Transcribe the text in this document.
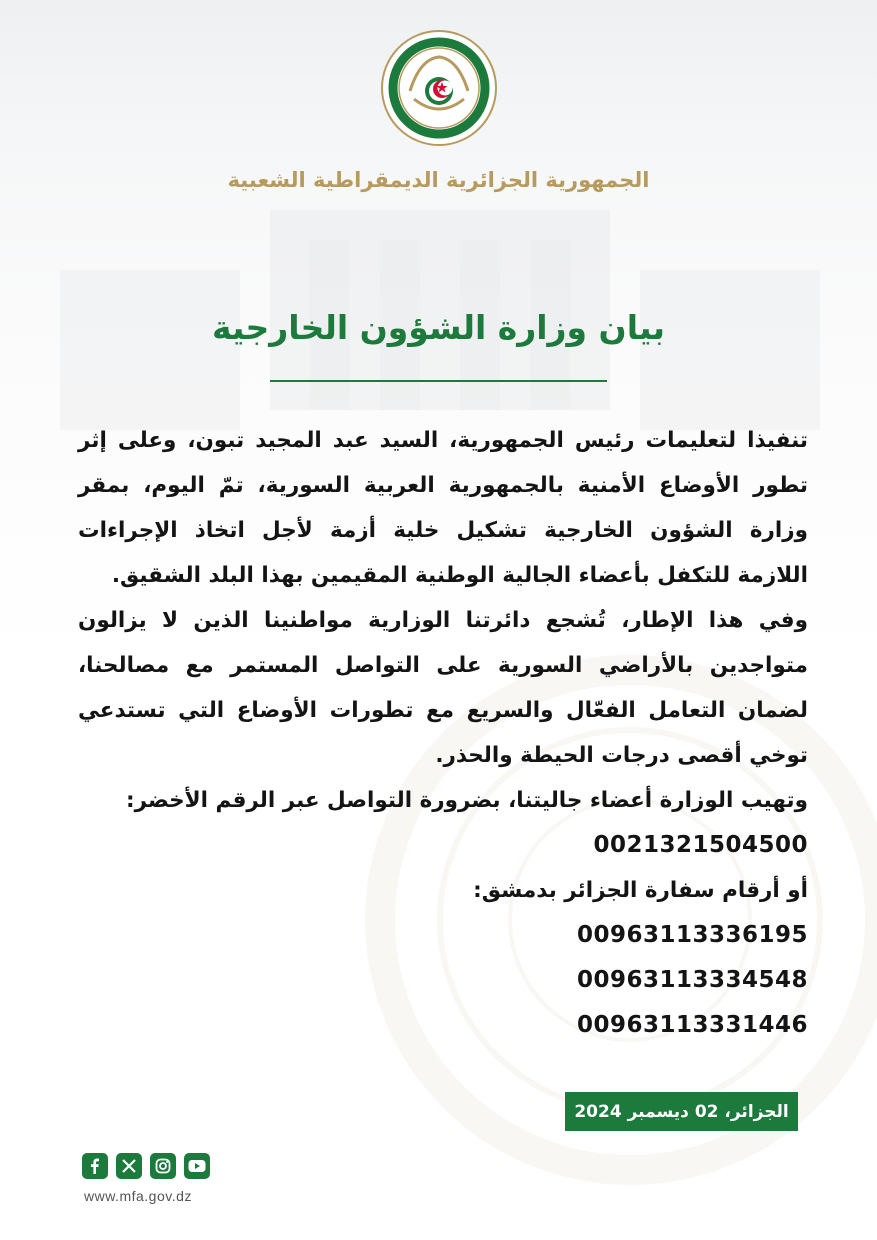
الجمهورية الجزائرية الديمقراطية الشعبية
بيان وزارة الشؤون الخارجية

تنفيذا لتعليمات رئيس الجمهورية، السيد عبد المجيد تبون، وعلى إثر تطور الأوضاع الأمنية بالجمهورية العربية السورية، تمّ اليوم، بمقر وزارة الشؤون الخارجية تشكيل خلية أزمة لأجل اتخاذ الإجراءات اللازمة للتكفل بأعضاء الجالية الوطنية المقيمين بهذا البلد الشقيق.

وفي هذا الإطار، تُشجع دائرتنا الوزارية مواطنينا الذين لا يزالون متواجدين بالأراضي السورية على التواصل المستمر مع مصالحنا، لضمان التعامل الفعّال والسريع مع تطورات الأوضاع التي تستدعي توخي أقصى درجات الحيطة والحذر.

وتهيب الوزارة أعضاء جاليتنا، بضرورة التواصل عبر الرقم الأخضر:

0021321504500

أو أرقام سفارة الجزائر بدمشق:

00963113336195

00963113334548

00963113331446

الجزائر، 02 ديسمبر 2024
www.mfa.gov.dz
